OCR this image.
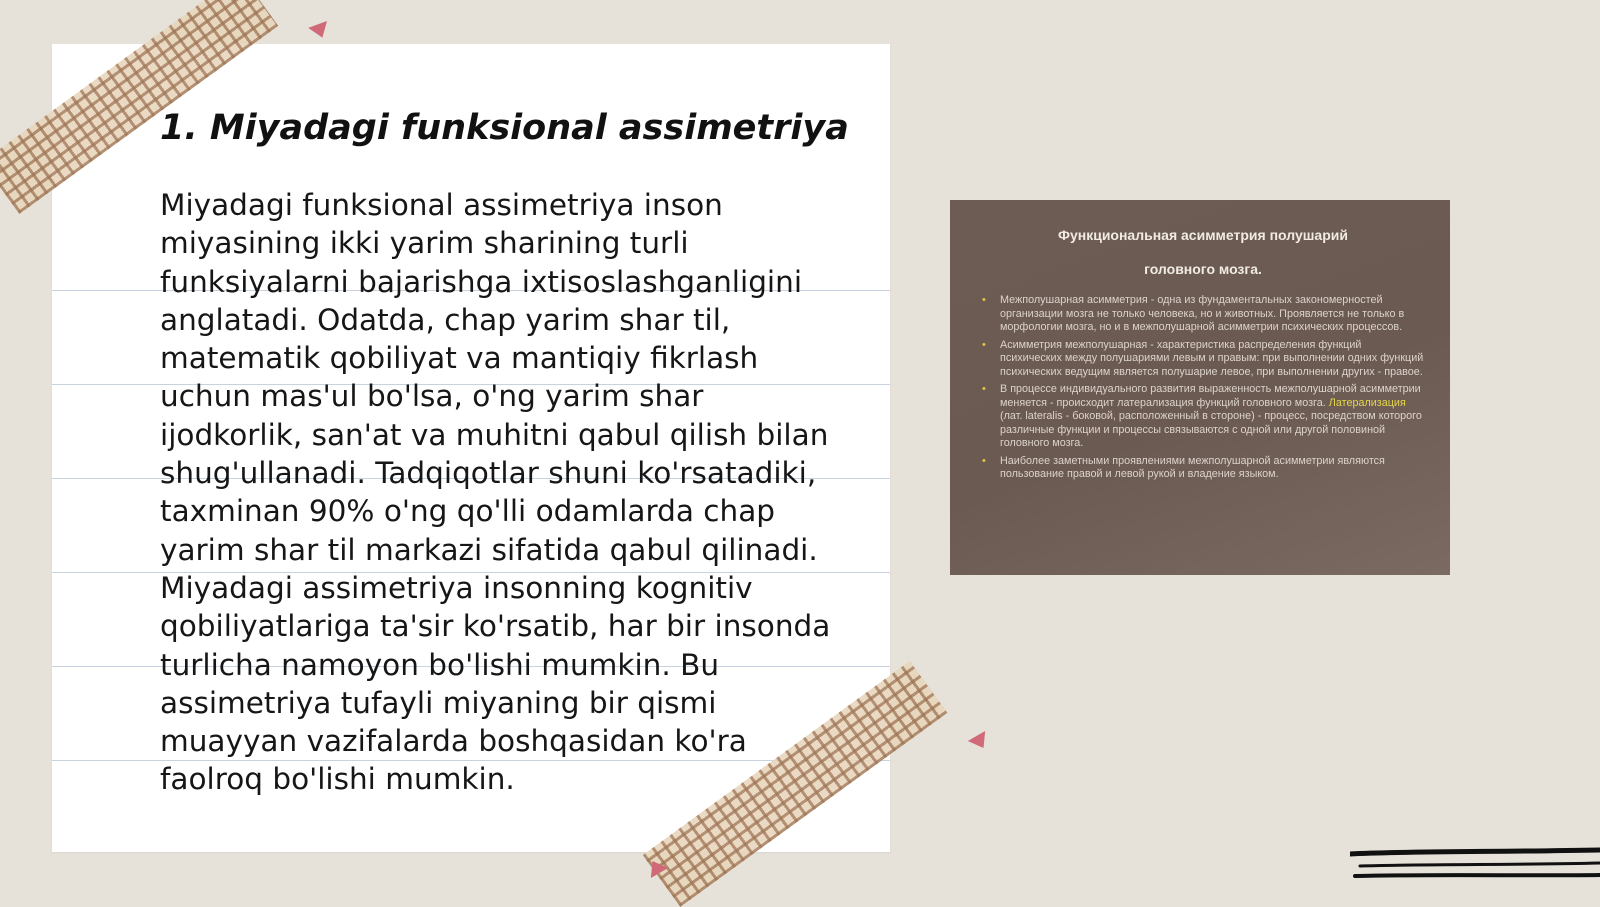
1. Miyadagi funksional assimetriya

Miyadagi funksional assimetriya inson miyasining ikki yarim sharining turli funksiyalarni bajarishga ixtisoslashganligini anglatadi. Odatda, chap yarim shar til, matematik qobiliyat va mantiqiy fikrlash uchun mas'ul bo'lsa, o'ng yarim shar ijodkorlik, san'at va muhitni qabul qilish bilan shug'ullanadi. Tadqiqotlar shuni ko'rsatadiki, taxminan 90% o'ng qo'lli odamlarda chap yarim shar til markazi sifatida qabul qilinadi. Miyadagi assimetriya insonning kognitiv qobiliyatlariga ta'sir ko'rsatib, har bir insonda turlicha namoyon bo'lishi mumkin. Bu assimetriya tufayli miyaning bir qismi muayyan vazifalarda boshqasidan ko'ra faolroq bo'lishi mumkin.

Функциональная асимметрия полушарий
головного мозга.
• Межполушарная асимметрия - одна из фундаментальных закономерностей организации мозга не только человека, но и животных. Проявляется не только в морфологии мозга, но и в межполушарной асимметрии психических процессов.
• Асимметрия межполушарная - характеристика распределения функций психических между полушариями левым и правым: при выполнении одних функций психических ведущим является полушарие левое, при выполнении других - правое.
• В процессе индивидуального развития выраженность межполушарной асимметрии меняется - происходит латерализация функций головного мозга. Латерализация (лат. lateralis - боковой, расположенный в стороне) - процесс, посредством которого различные функции и процессы связываются с одной или другой половиной головного мозга.
• Наиболее заметными проявлениями межполушарной асимметрии являются пользование правой и левой рукой и владение языком.
